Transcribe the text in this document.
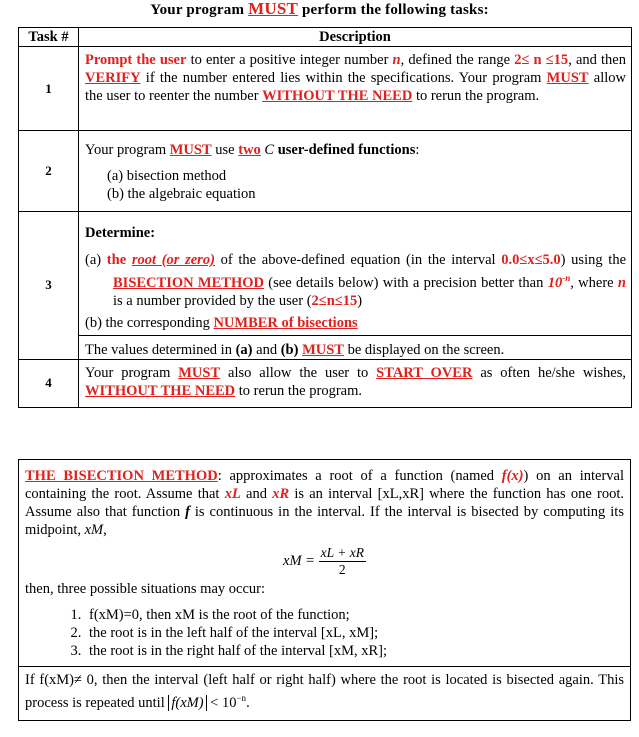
Your program MUST perform the following tasks:
Task #	Description
1	Prompt the user to enter a positive integer number n, defined the range 2≤ n ≤15, and then VERIFY if the number entered lies within the specifications. Your program MUST allow the user to reenter the number WITHOUT THE NEED to rerun the program.

2	Your program MUST use two C user-defined functions:
(a) bisection method
(b) the algebraic equation

3	Determine:
(a) the root (or zero) of the above-defined equation (in the interval 0.0≤x≤5.0) using the BISECTION METHOD (see details below) with a precision better than $10^{-n}$, where n is a number provided by the user (2≤n≤15)
(b) the corresponding NUMBER of bisections
The values determined in (a) and (b) MUST be displayed on the screen.

4	Your program MUST also allow the user to START OVER as often he/she wishes, WITHOUT THE NEED to rerun the program.
THE BISECTION METHOD: approximates a root of a function (named f(x)) on an interval containing the root. Assume that xL and xR is an interval [xL,xR] where the function has one root. Assume also that function f is continuous in the interval. If the interval is bisected by computing its midpoint, xM,
xM = $\frac{xL + xR}{2}$
then, three possible situations may occur:
1. f(xM)=0, then xM is the root of the function;
2. the root is in the left half of the interval [xL, xM];
3. the root is in the right half of the interval [xM, xR];
If f(xM)≠ 0, then the interval (left half or right half) where the root is located is bisected again. This process is repeated until $f(xM) < 10^{-n}$.
